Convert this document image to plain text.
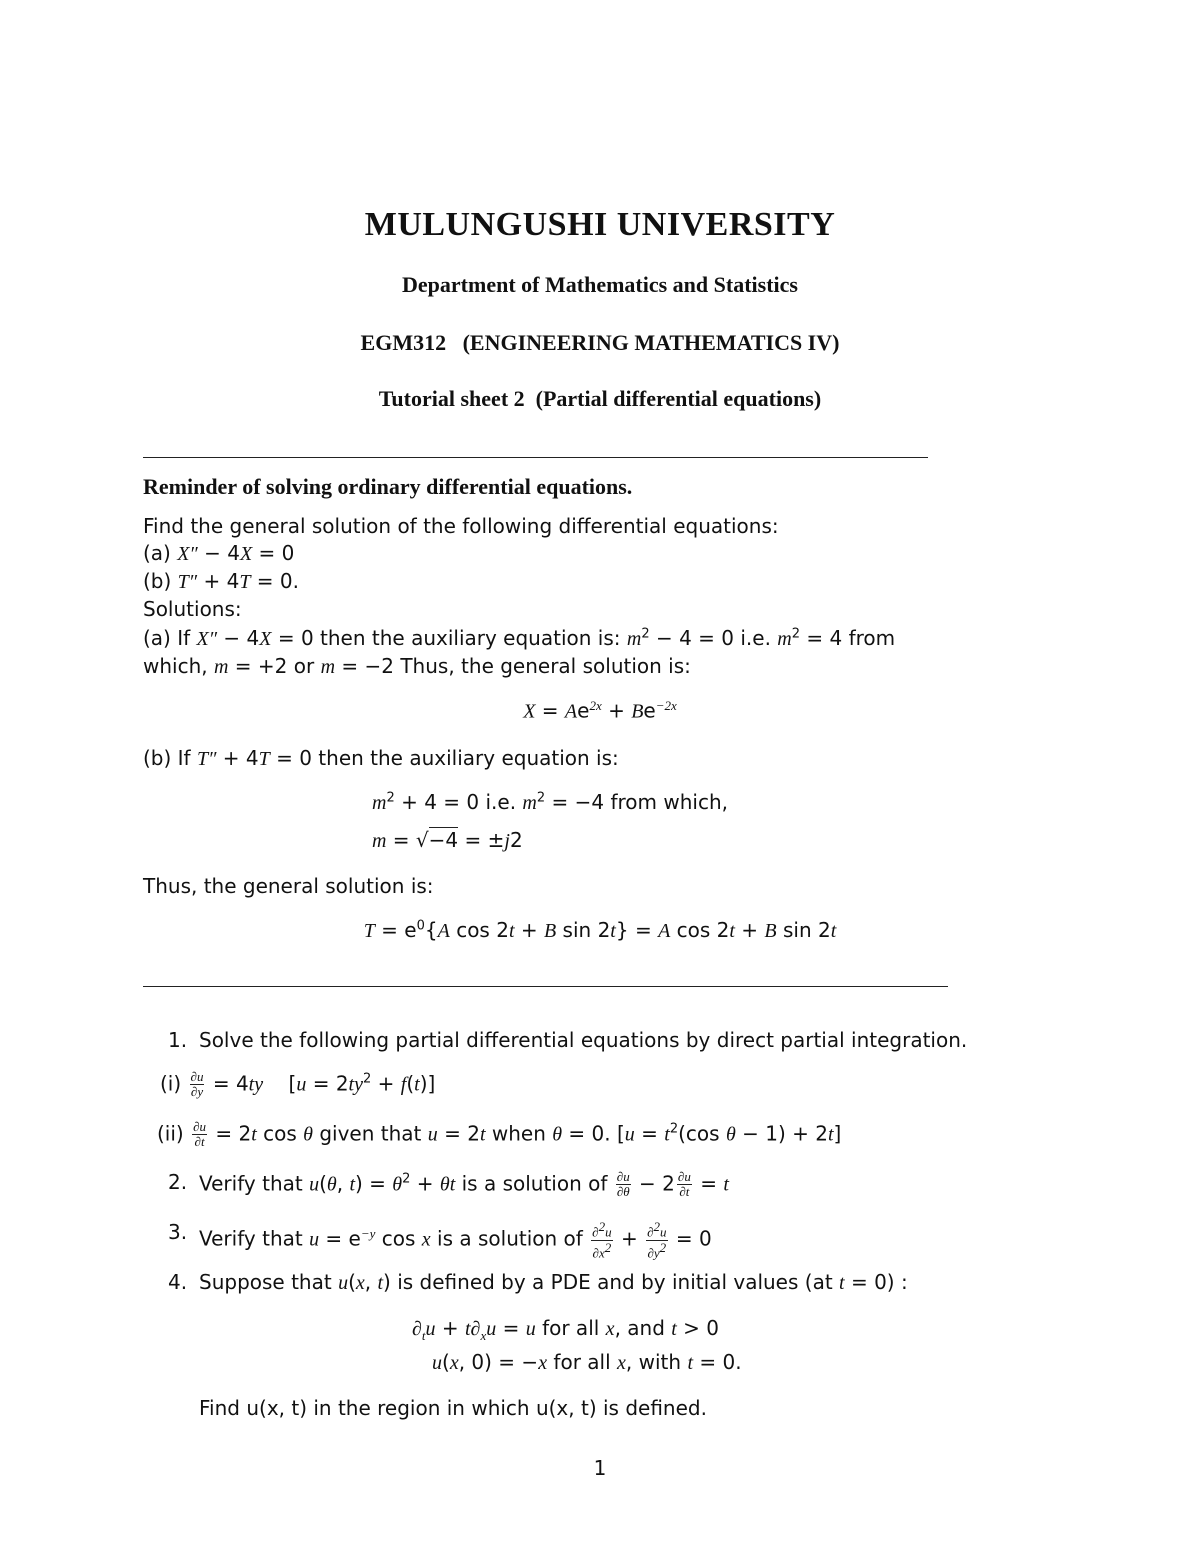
MULUNGUSHI UNIVERSITY
Department of Mathematics and Statistics
EGM312   (ENGINEERING MATHEMATICS IV)
Tutorial sheet 2  (Partial differential equations)
Reminder of solving ordinary differential equations.
Find the general solution of the following differential equations:
(a) X″ − 4X = 0
(b) T″ + 4T = 0.
Solutions:
(a) If X″ − 4X = 0 then the auxiliary equation is: $m^2 - 4 = 0$ i.e. $m^2 = 4$ from
which, m = +2 or m = −2 Thus, the general solution is:
$X = Ae^{2x} + Be^{-2x}$
(b) If T″ + 4T = 0 then the auxiliary equation is:
$m^2 + 4 = 0$ i.e. $m^2 = -4$ from which,
m = √−4 = ±j2
Thus, the general solution is:
$T = e^0\{A$ cos 2t + B sin 2t} = A cos 2t + B sin 2t
1. Solve the following partial differential equations by direct partial integration.
$(i) \frac{\partial u}{\partial y} = 4ty$    $[u = 2ty^2 + f(t)]$
$(ii) \frac{\partial u}{\partial t} = 2t$ cos θ given that u = 2t when θ = 0. [$u = t^2(\cos$ θ − 1) + 2t]
2. Verify that u(θ, $t) = \theta^2 + \theta t$ is a solution of $\frac{\partial u}{\partial\theta} - 2 \frac{\partial u}{\partial t} = t$
3. Verify that $u = e^{-y}$ cos x is a solution of $\frac{\partial^2u}{\partial x^2} + \frac{\partial^2u}{\partial y^2} = 0$
4. Suppose that u(x, t) is defined by a PDE and by initial values (at t = 0) :
$\partial_tu + t\partial_xu = u$ for all x, and t > 0
u(x, 0) = −x for all x, with t = 0.
Find u(x, t) in the region in which u(x, t) is defined.
1
